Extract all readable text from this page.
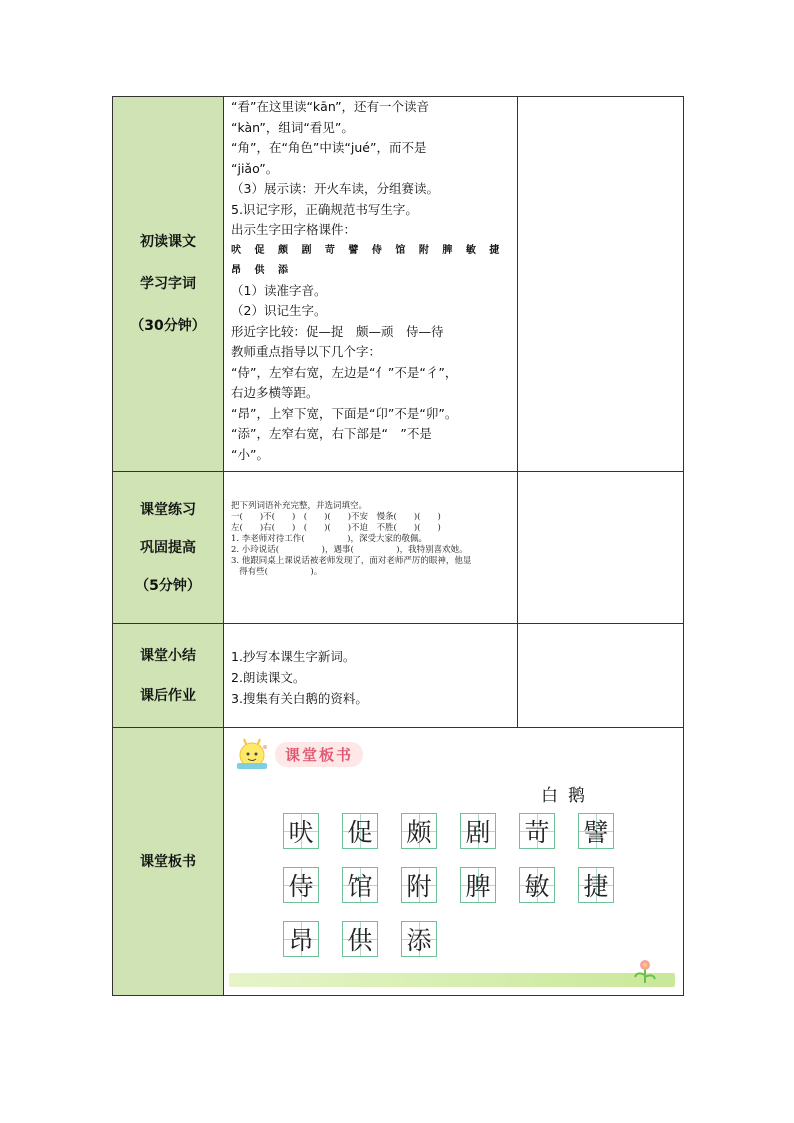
初读课文
学习字词
（30分钟）
“看”在这里读“kān”，还有一个读音
“kàn”，组词“看见”。
“角”，在“角色”中读“jué”，而不是
“jiǎo”。
（3）展示读：开火车读，分组赛读。
5.识记字形，正确规范书写生字。
出示生字田字格课件：
吠 促 颇 剧 苛 譬 侍 馆 附 脾 敏 捷
昂 供 添
（1）读准字音。
（2）识记生字。
形近字比较：促—捉　颇—顽　侍—待
教师重点指导以下几个字：
“侍”，左窄右宽，左边是“亻”不是“彳”，
右边多横等距。
“昂”，上窄下宽，下面是“卬”不是“卯”。
“添”，左窄右宽，右下部是“　”不是
“小”。
课堂练习
巩固提高
（5分钟）
把下列词语补充完整，并选词填空。
一(　　)不(　　)　(　　)(　　)不安　慢条(　　)(　　)
左(　　)右(　　)　(　　)(　　)不迫　不胜(　　)(　　)
1. 李老师对待工作(　　　　　)，深受大家的敬佩。
2. 小玲说话(　　　　　)，遇事(　　　　　)，我特别喜欢她。
3. 他跟同桌上课说话被老师发现了，面对老师严厉的眼神，他显
得有些(　　　　　)。
课堂小结
课后作业
1.抄写本课生字新词。
2.朗读课文。
3.搜集有关白鹅的资料。
课堂板书
课堂板书
白鹅
吠 促 颇 剧 苛 譬
侍 馆 附 脾 敏 捷
昂 供 添
